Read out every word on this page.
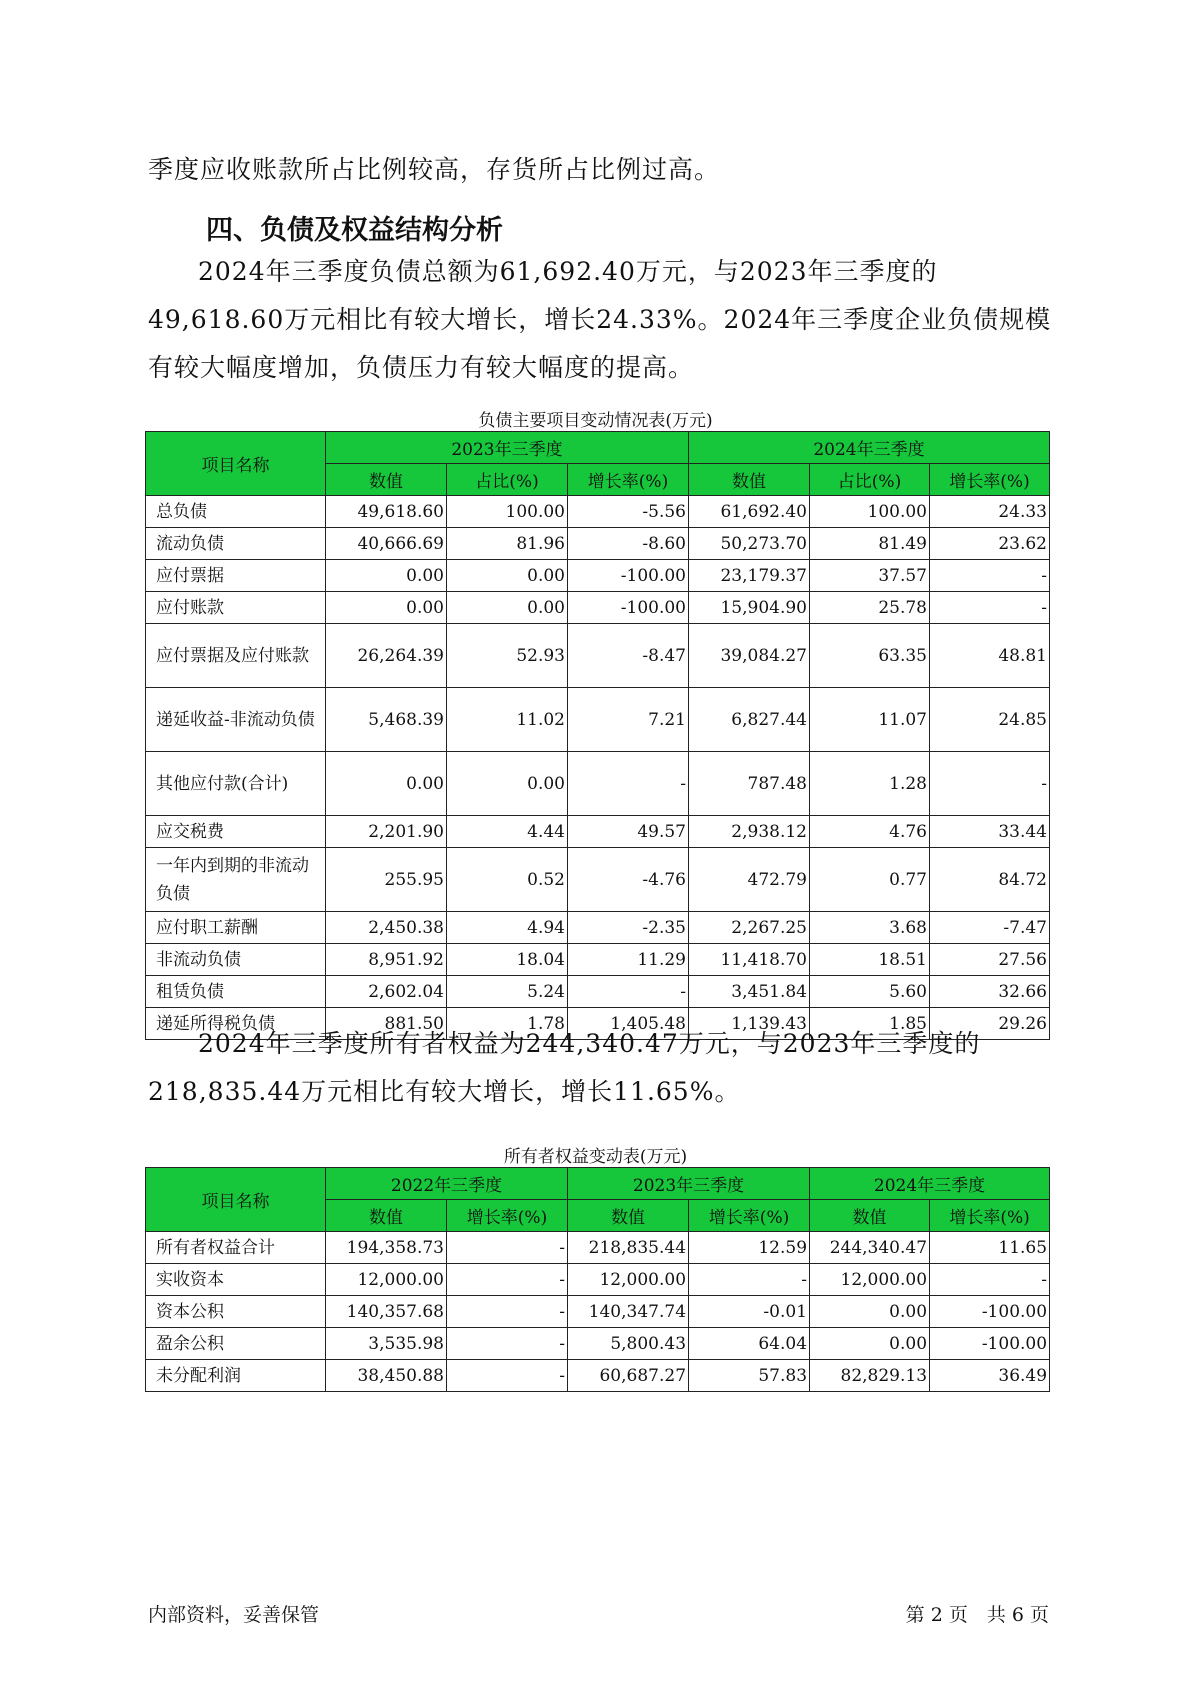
季度应收账款所占比例较高，存货所占比例过高。
四、负债及权益结构分析
2024年三季度负债总额为61,692.40万元，与2023年三季度的49,618.60万元相比有较大增长，增长24.33%。2024年三季度企业负债规模有较大幅度增加，负债压力有较大幅度的提高。
负债主要项目变动情况表(万元)
项目名称	2023年三季度			2024年三季度		
	数值	占比(%)	增长率(%)	数值	占比(%)	增长率(%)
总负债	49,618.60	100.00	-5.56	61,692.40	100.00	24.33
流动负债	40,666.69	81.96	-8.60	50,273.70	81.49	23.62
应付票据	0.00	0.00	-100.00	23,179.37	37.57	-
应付账款	0.00	0.00	-100.00	15,904.90	25.78	-
应付票据及应付账款	26,264.39	52.93	-8.47	39,084.27	63.35	48.81
递延收益-非流动负债	5,468.39	11.02	7.21	6,827.44	11.07	24.85
其他应付款(合计)	0.00	0.00	-	787.48	1.28	-
应交税费	2,201.90	4.44	49.57	2,938.12	4.76	33.44
一年内到期的非流动负债	255.95	0.52	-4.76	472.79	0.77	84.72
应付职工薪酬	2,450.38	4.94	-2.35	2,267.25	3.68	-7.47
非流动负债	8,951.92	18.04	11.29	11,418.70	18.51	27.56
租赁负债	2,602.04	5.24	-	3,451.84	5.60	32.66
递延所得税负债	881.50	1.78	1,405.48	1,139.43	1.85	29.26
2024年三季度所有者权益为244,340.47万元，与2023年三季度的218,835.44万元相比有较大增长，增长11.65%。
所有者权益变动表(万元)
项目名称	2022年三季度		2023年三季度		2024年三季度	
	数值	增长率(%)	数值	增长率(%)	数值	增长率(%)
所有者权益合计	194,358.73	-	218,835.44	12.59	244,340.47	11.65
实收资本	12,000.00	-	12,000.00	-	12,000.00	-
资本公积	140,357.68	-	140,347.74	-0.01	0.00	-100.00
盈余公积	3,535.98	-	5,800.43	64.04	0.00	-100.00
未分配利润	38,450.88	-	60,687.27	57.83	82,829.13	36.49
内部资料，妥善保管	第 2 页　共 6 页
